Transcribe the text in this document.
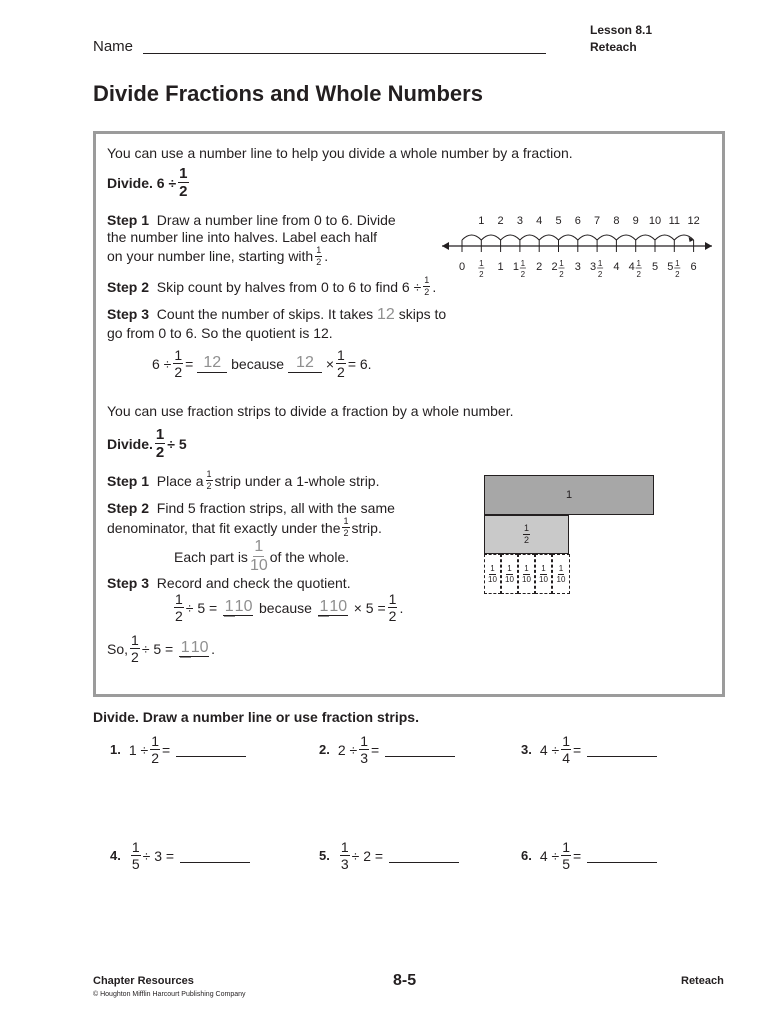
Name
Lesson 8.1
Reteach
Divide Fractions and Whole Numbers
You can use a number line to help you divide a whole number by a fraction.
Divide. $6 \div \frac{1}{2}$
Step 1 Draw a number line from 0 to 6. Divide
the number line into halves. Label each half
on your number line, starting with $\frac{1}{2}$ .
Step 2
Skip count by halves from 0 to 6 to find $6 \div \frac{1}{2}$ .
Step 3
Count the number of skips. It takes
12
skips to
go from 0 to 6. So the quotient is 12.
$6 \div \frac{1}{2} = 12$
because
12
× $\frac{1}{2} = 6$.
0 1
2
1 1 1
2
2 2 1
2
3 3 1
2
4 4 1
2
5 5 1
2
6
1 2 3 4 5 6 7 8 9 10 11 12
You can use fraction strips to divide a fraction by a whole number.
Divide. $\frac{1}{2} \div 5$
Step 1
Place a $\frac{1}{2}$ strip under a 1-whole strip.
Step 2 Find 5 fraction strips, all with the same
denominator, that fit exactly under the $\frac{1}{2}$ strip.
Each part is $\frac{1}{10}$ of the whole.
Step 3 Record and check the quotient.
$\frac{1}{2} \div 5$ =
110
because
110
× $5 = \frac{1}{2}$ .
So, $\frac{1}{2} \div 5$ =
110 .
1
$\frac{1}{2}$
$\frac{1}{10} \frac{1}{10} \frac{1}{10} \frac{1}{10} \frac{1}{10}$
Divide. Draw a number line or use fraction strips.
1. $1 \div \frac{1}{2}$ =	2. $2 \div \frac{1}{3}$ =	3. $4 \div \frac{1}{4}$ =
4. $\frac{1}{5} \div 3$ =	5. $\frac{1}{3} \div 2$ =	6. $4 \div \frac{1}{5}$ =
Chapter Resources
© Houghton Mifflin Harcourt Publishing Company
8-5	Reteach
